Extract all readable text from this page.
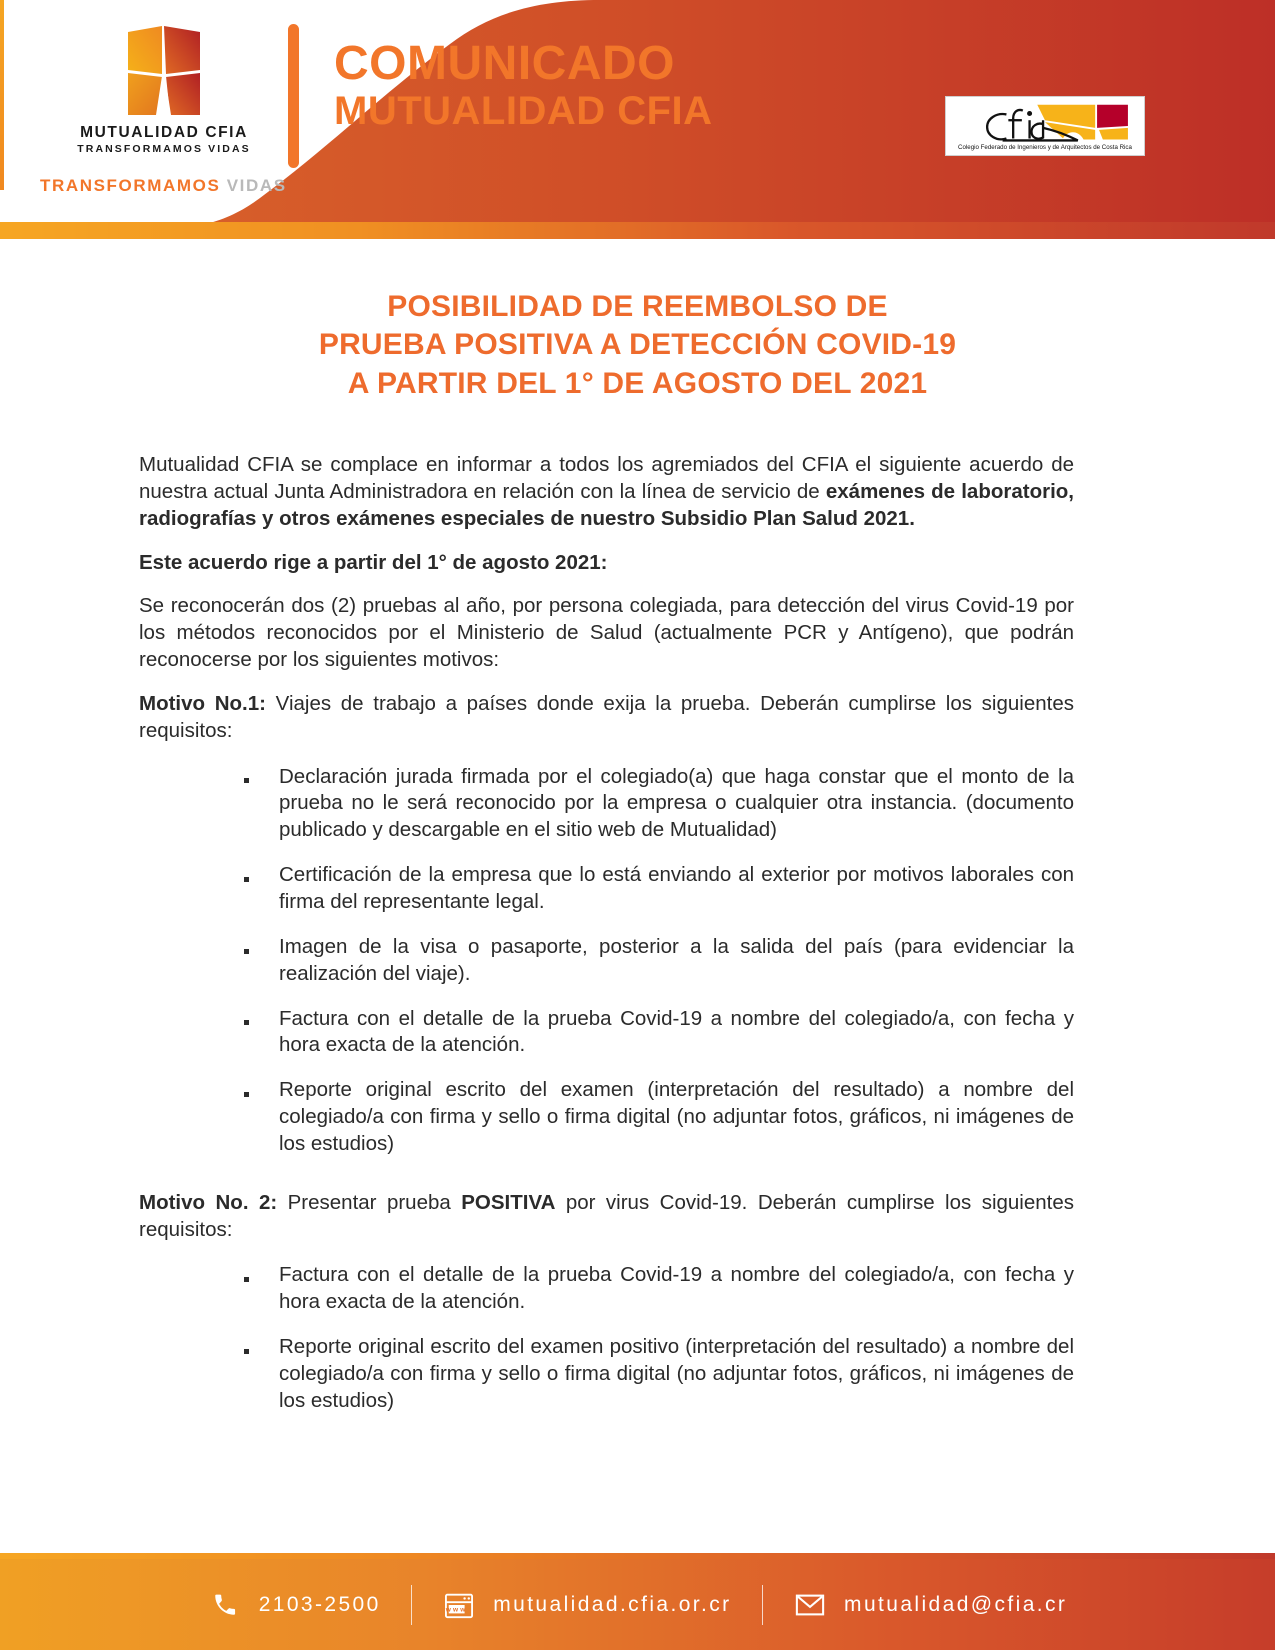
MUTUALIDAD CFIA
TRANSFORMAMOS VIDAS
COMUNICADO
MUTUALIDAD CFIA
TRANSFORMAMOS VIDAS
Colegio Federado de Ingenieros y de Arquitectos de Costa Rica
POSIBILIDAD DE REEMBOLSO DE
PRUEBA POSITIVA A DETECCIÓN COVID-19
A PARTIR DEL 1° DE AGOSTO DEL 2021

Mutualidad CFIA se complace en informar a todos los agremiados del CFIA el siguiente acuerdo de nuestra actual Junta Administradora en relación con la línea de servicio de exámenes de laboratorio, radiografías y otros exámenes especiales de nuestro Subsidio Plan Salud 2021.

Este acuerdo rige a partir del 1° de agosto 2021:

Se reconocerán dos (2) pruebas al año, por persona colegiada, para detección del virus Covid-19 por los métodos reconocidos por el Ministerio de Salud (actualmente PCR y Antígeno), que podrán reconocerse por los siguientes motivos:

Motivo No.1: Viajes de trabajo a países donde exija la prueba. Deberán cumplirse los siguientes requisitos:

Declaración jurada firmada por el colegiado(a) que haga constar que el monto de la prueba no le será reconocido por la empresa o cualquier otra instancia. (documento publicado y descargable en el sitio web de Mutualidad)
Certificación de la empresa que lo está enviando al exterior por motivos laborales con firma del representante legal.
Imagen de la visa o pasaporte, posterior a la salida del país (para evidenciar la realización del viaje).
Factura con el detalle de la prueba Covid-19 a nombre del colegiado/a, con fecha y hora exacta de la atención.
Reporte original escrito del examen (interpretación del resultado) a nombre del colegiado/a con firma y sello o firma digital (no adjuntar fotos, gráficos, ni imágenes de los estudios)

Motivo No. 2: Presentar prueba POSITIVA por virus Covid-19. Deberán cumplirse los siguientes requisitos:

Factura con el detalle de la prueba Covid-19 a nombre del colegiado/a, con fecha y hora exacta de la atención.
Reporte original escrito del examen positivo (interpretación del resultado) a nombre del colegiado/a con firma y sello o firma digital (no adjuntar fotos, gráficos, ni imágenes de los estudios)
2103-2500	www mutualidad.cfia.or.cr	mutualidad@cfia.cr
